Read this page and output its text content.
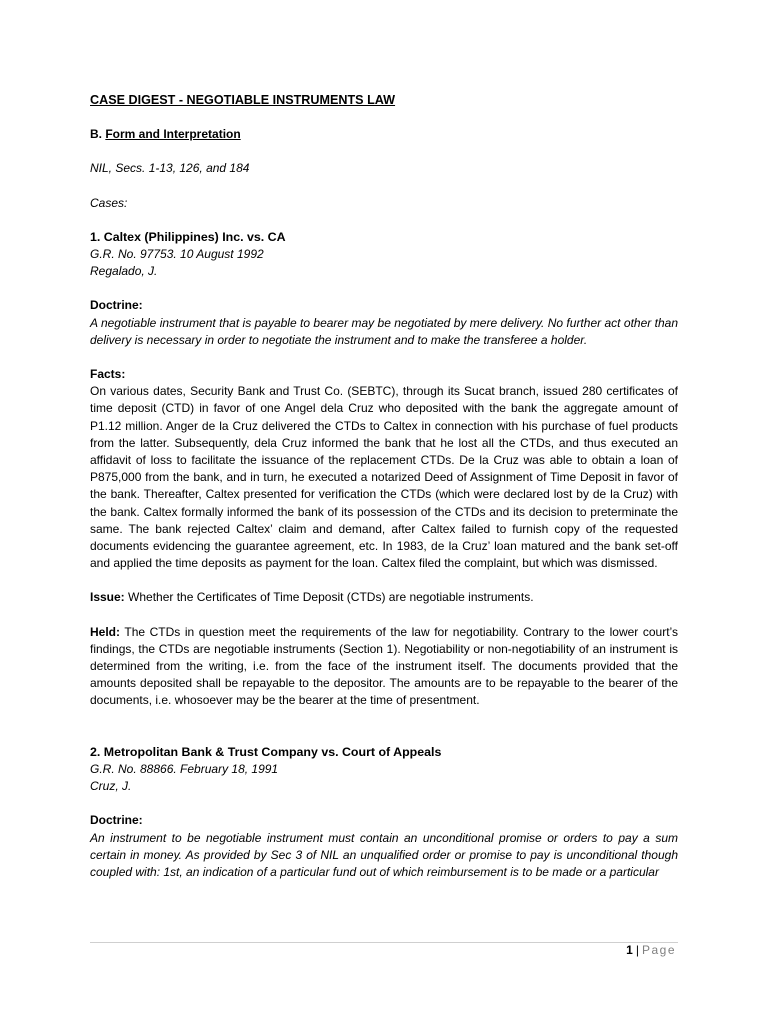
CASE DIGEST - NEGOTIABLE INSTRUMENTS LAW
B. Form and Interpretation
NIL, Secs. 1-13, 126, and 184
Cases:
1. Caltex (Philippines) Inc. vs. CA
G.R. No. 97753. 10 August 1992
Regalado, J.
Doctrine:
A negotiable instrument that is payable to bearer may be negotiated by mere delivery. No further act other than delivery is necessary in order to negotiate the instrument and to make the transferee a holder.
Facts:
On various dates, Security Bank and Trust Co. (SEBTC), through its Sucat branch, issued 280 certificates of time deposit (CTD) in favor of one Angel dela Cruz who deposited with the bank the aggregate amount of P1.12 million. Anger de la Cruz delivered the CTDs to Caltex in connection with his purchase of fuel products from the latter. Subsequently, dela Cruz informed the bank that he lost all the CTDs, and thus executed an affidavit of loss to facilitate the issuance of the replacement CTDs. De la Cruz was able to obtain a loan of P875,000 from the bank, and in turn, he executed a notarized Deed of Assignment of Time Deposit in favor of the bank. Thereafter, Caltex presented for verification the CTDs (which were declared lost by de la Cruz) with the bank. Caltex formally informed the bank of its possession of the CTDs and its decision to preterminate the same. The bank rejected Caltex’ claim and demand, after Caltex failed to furnish copy of the requested documents evidencing the guarantee agreement, etc. In 1983, de la Cruz’ loan matured and the bank set-off and applied the time deposits as payment for the loan. Caltex filed the complaint, but which was dismissed.
Issue: Whether the Certificates of Time Deposit (CTDs) are negotiable instruments.
Held: The CTDs in question meet the requirements of the law for negotiability. Contrary to the lower court’s findings, the CTDs are negotiable instruments (Section 1). Negotiability or non-negotiability of an instrument is determined from the writing, i.e. from the face of the instrument itself. The documents provided that the amounts deposited shall be repayable to the depositor. The amounts are to be repayable to the bearer of the documents, i.e. whosoever may be the bearer at the time of presentment.
2. Metropolitan Bank & Trust Company vs. Court of Appeals
G.R. No. 88866. February 18, 1991
Cruz, J.
Doctrine:
An instrument to be negotiable instrument must contain an unconditional promise or orders to pay a sum certain in money. As provided by Sec 3 of NIL an unqualified order or promise to pay is unconditional though coupled with: 1st, an indication of a particular fund out of which reimbursement is to be made or a particular
1 | Page
